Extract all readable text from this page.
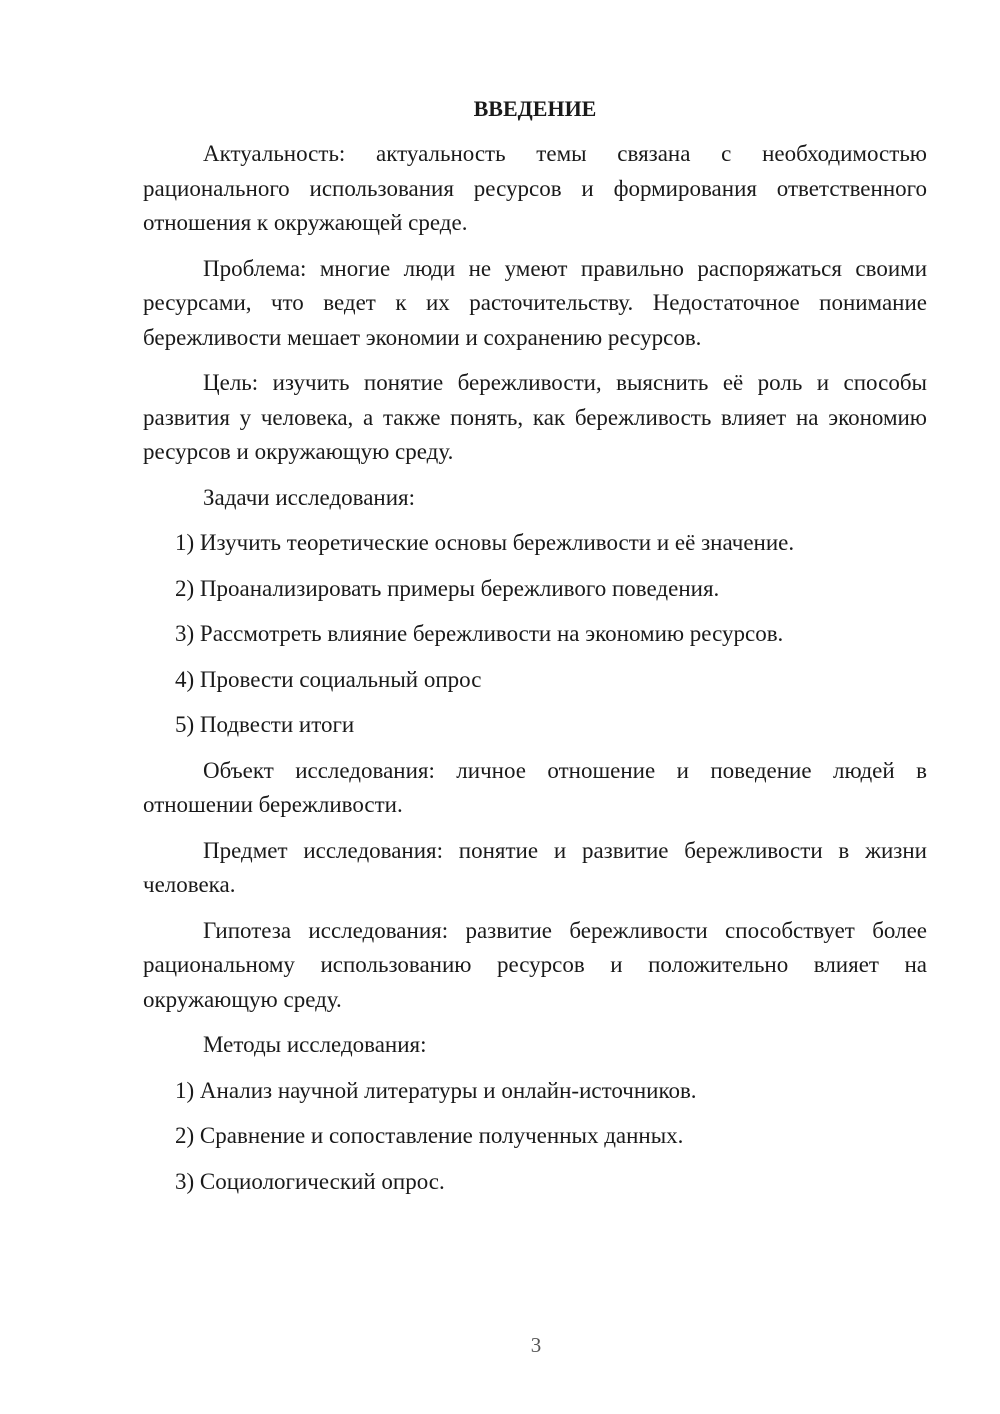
ВВЕДЕНИЕ

Актуальность: актуальность темы связана с необходимостью рационального использования ресурсов и формирования ответственного отношения к окружающей среде.

Проблема: многие люди не умеют правильно распоряжаться своими ресурсами, что ведет к их расточительству. Недостаточное понимание бережливости мешает экономии и сохранению ресурсов.

Цель: изучить понятие бережливости, выяснить её роль и способы развития у человека, а также понять, как бережливость влияет на экономию ресурсов и окружающую среду.

Задачи исследования:

1) Изучить теоретические основы бережливости и её значение.

2) Проанализировать примеры бережливого поведения.

3) Рассмотреть влияние бережливости на экономию ресурсов.

4) Провести социальный опрос

5) Подвести итоги

Объект исследования: личное отношение и поведение людей в отношении бережливости.

Предмет исследования: понятие и развитие бережливости в жизни человека.

Гипотеза исследования: развитие бережливости способствует более рациональному использованию ресурсов и положительно влияет на окружающую среду.

Методы исследования:

1) Анализ научной литературы и онлайн-источников.

2) Сравнение и сопоставление полученных данных.

3) Социологический опрос.

3
